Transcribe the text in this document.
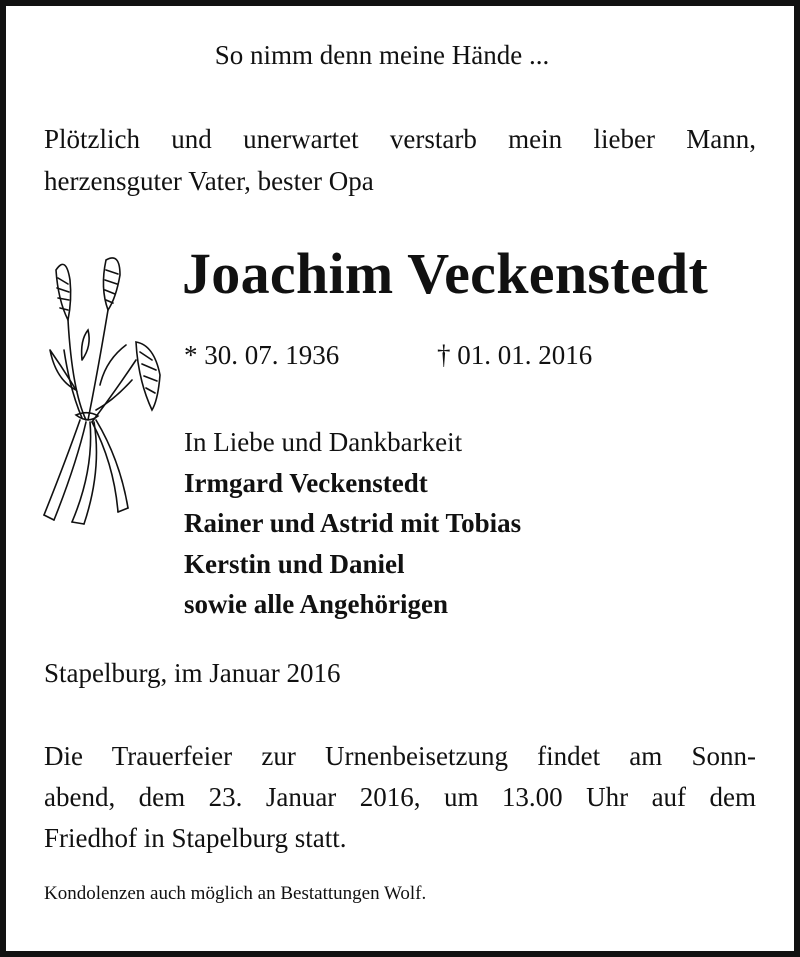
So nimm denn meine Hände ...

Plötzlich und unerwartet verstarb mein lieber Mann,
herzensguter Vater, bester Opa

Joachim Veckenstedt

* 30. 07. 1936	† 01. 01. 2016

In Liebe und Dankbarkeit
Irmgard Veckenstedt
Rainer und Astrid mit Tobias
Kerstin und Daniel
sowie alle Angehörigen

Stapelburg, im Januar 2016

Die Trauerfeier zur Urnenbeisetzung findet am Sonn-
abend, dem 23. Januar 2016, um 13.00 Uhr auf dem
Friedhof in Stapelburg statt.

Kondolenzen auch möglich an Bestattungen Wolf.
